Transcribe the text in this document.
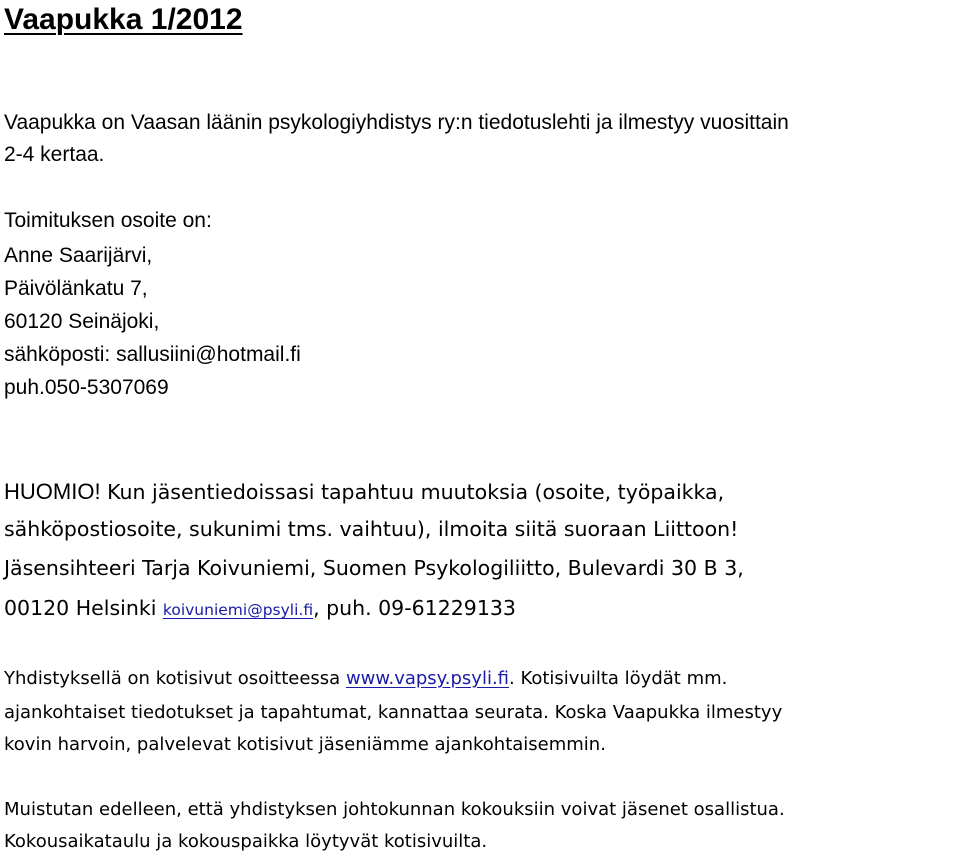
Vaapukka 1/2012

Vaapukka on Vaasan läänin psykologiyhdistys ry:n tiedotuslehti ja ilmestyy vuosittain

2-4 kertaa.

Toimituksen osoite on:

Anne Saarijärvi,

Päivölänkatu 7,

60120 Seinäjoki,

sähköposti: sallusiini@hotmail.fi

puh.050-5307069

HUOMIO! Kun jäsentiedoissasi tapahtuu muutoksia (osoite, työpaikka,

sähköpostiosoite, sukunimi tms. vaihtuu), ilmoita siitä suoraan Liittoon!

Jäsensihteeri Tarja Koivuniemi, Suomen Psykologiliitto, Bulevardi 30 B 3,

00120 Helsinki koivuniemi@psyli.fi, puh. 09-61229133

Yhdistyksellä on kotisivut osoitteessa www.vapsy.psyli.fi. Kotisivuilta löydät mm.

ajankohtaiset tiedotukset ja tapahtumat, kannattaa seurata. Koska Vaapukka ilmestyy

kovin harvoin, palvelevat kotisivut jäseniämme ajankohtaisemmin.

Muistutan edelleen, että yhdistyksen johtokunnan kokouksiin voivat jäsenet osallistua.

Kokousaikataulu ja kokouspaikka löytyvät kotisivuilta.
